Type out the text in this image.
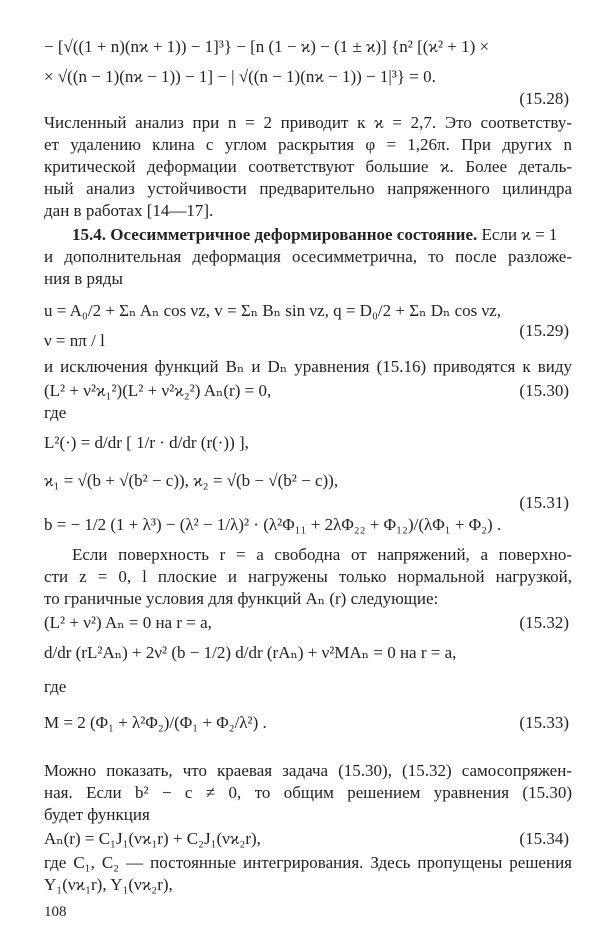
− [√((1 + n)(nϰ + 1)) − 1]³} − [n (1 − ϰ) − (1 ± ϰ)] {n² [(ϰ² + 1) ×
× √((n − 1)(nϰ − 1)) − 1] − | √((n − 1)(nϰ − 1)) − 1|³} = 0.
(15.28)
Численный анализ при n = 2 приводит к ϰ = 2,7. Это соответству-
ет удалению клина с углом раскрытия φ = 1,26π. При других n
критической деформации соответствуют большие ϰ. Более деталь-
ный анализ устойчивости предварительно напряженного цилиндра
дан в работах [14—17].
15.4. Осесимметричное деформированное состояние. Если ϰ = 1
и дополнительная деформация осесимметрична, то после разложе-
ния в ряды
u = A₀/2 + Σₙ Aₙ cos νz, v = Σₙ Bₙ sin νz, q = D₀/2 + Σₙ Dₙ cos νz,
(15.29)
ν = nπ / l
и исключения функций Bₙ и Dₙ уравнения (15.16) приводятся к виду
(L² + ν²ϰ₁²)(L² + ν²ϰ₂²) Aₙ(r) = 0,	(15.30)
где
L²(·) = d/dr [ 1/r · d/dr (r(·)) ],
ϰ₁ = √(b + √(b² − c)), ϰ₂ = √(b − √(b² − c)),
(15.31)
b = − 1/2 (1 + λ³) − (λ² − 1/λ)² · (λ²Φ₁₁ + 2λΦ₂₂ + Φ₁₂)/(λΦ₁ + Φ₂) .
Если поверхность r = a свободна от напряжений, а поверхно-
сти z = 0, l плоские и нагружены только нормальной нагрузкой,
то граничные условия для функций Aₙ (r) следующие:
(L² + ν²) Aₙ = 0 на r = a,	(15.32)
d/dr (rL²Aₙ) + 2ν² (b − 1/2) d/dr (rAₙ) + ν²MAₙ = 0 на r = a,
где
M = 2 (Φ₁ + λ²Φ₂)/(Φ₁ + Φ₂/λ²) .	(15.33)
Можно показать, что краевая задача (15.30), (15.32) самосопряжен-
ная. Если b² − c ≠ 0, то общим решением уравнения (15.30)
будет функция
Aₙ(r) = C₁J₁(νϰ₁r) + C₂J₁(νϰ₂r),	(15.34)
где C₁, C₂ — постоянные интегрирования. Здесь пропущены решения
Y₁(νϰ₁r), Y₁(νϰ₂r),
108
